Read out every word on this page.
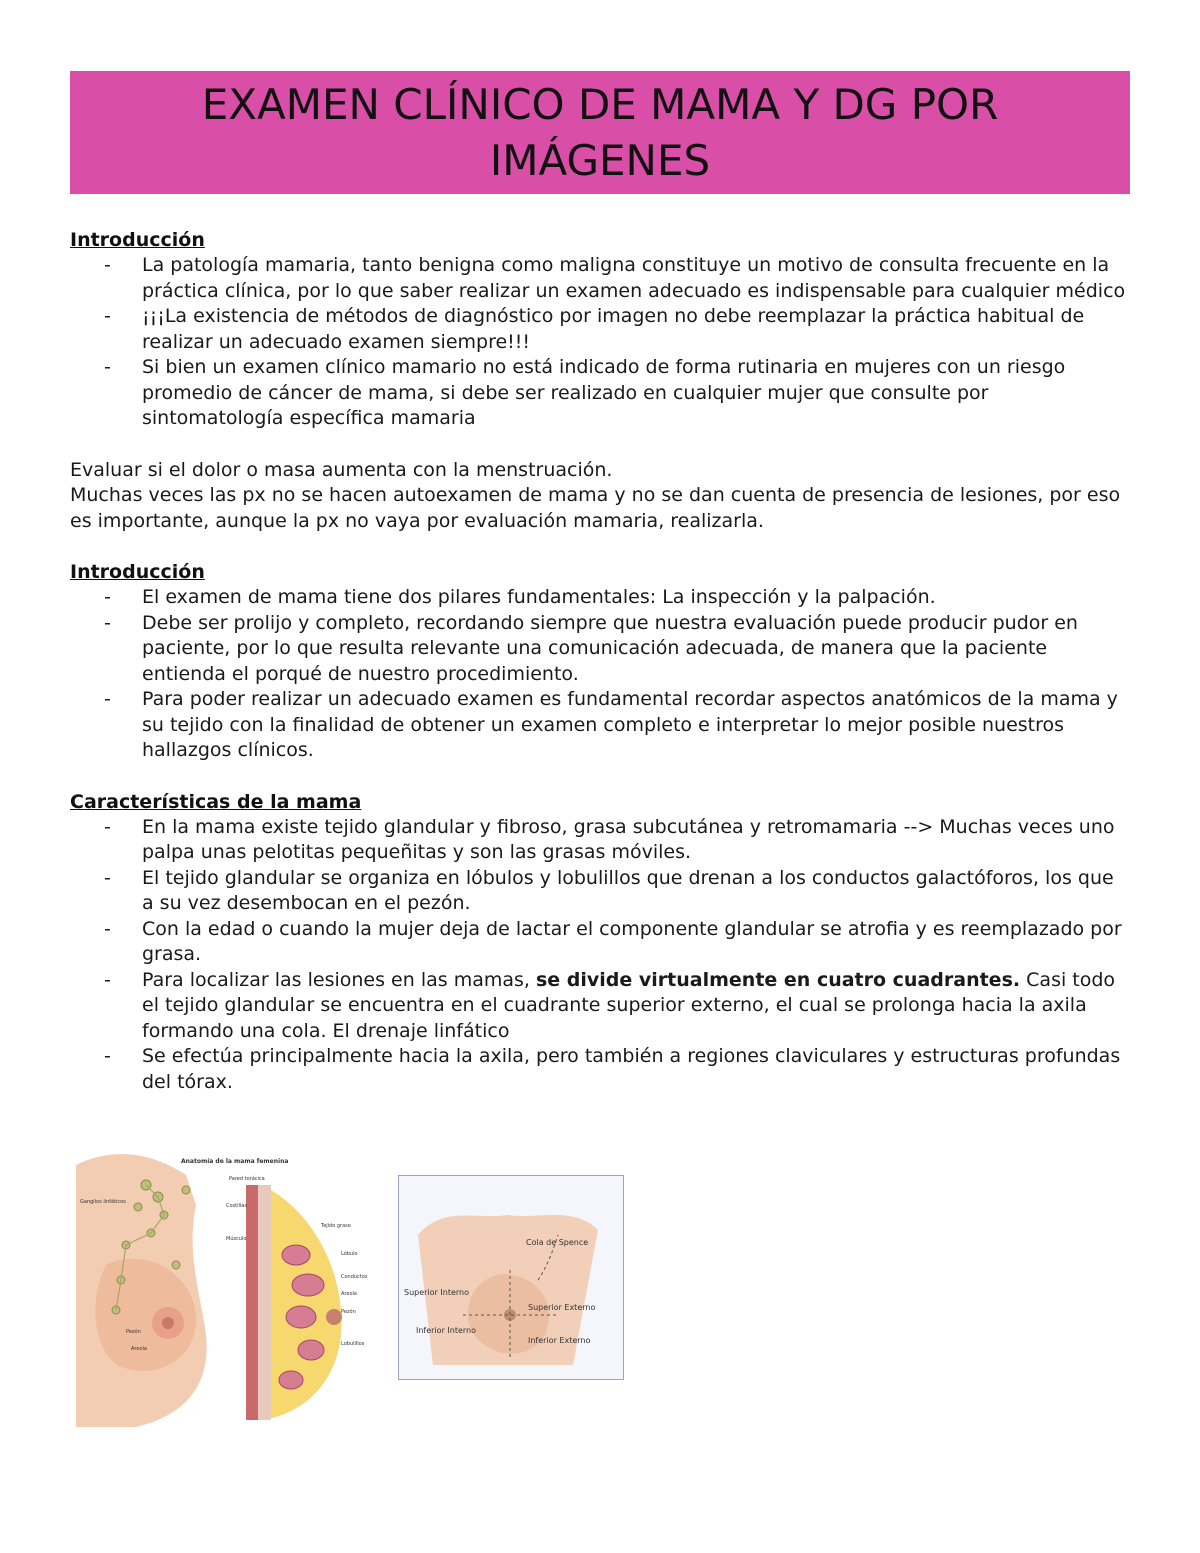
EXAMEN CLÍNICO DE MAMA Y DG POR IMÁGENES
Introducción
- La patología mamaria, tanto benigna como maligna constituye un motivo de consulta frecuente en la práctica clínica, por lo que saber realizar un examen adecuado es indispensable para cualquier médico
- ¡¡¡La existencia de métodos de diagnóstico por imagen no debe reemplazar la práctica habitual de realizar un adecuado examen siempre!!!
- Si bien un examen clínico mamario no está indicado de forma rutinaria en mujeres con un riesgo promedio de cáncer de mama, si debe ser realizado en cualquier mujer que consulte por sintomatología específica mamaria

Evaluar si el dolor o masa aumenta con la menstruación.

Muchas veces las px no se hacen autoexamen de mama y no se dan cuenta de presencia de lesiones, por eso es importante, aunque la px no vaya por evaluación mamaria, realizarla.

Introducción
- El examen de mama tiene dos pilares fundamentales: La inspección y la palpación.
- Debe ser prolijo y completo, recordando siempre que nuestra evaluación puede producir pudor en paciente, por lo que resulta relevante una comunicación adecuada, de manera que la paciente entienda el porqué de nuestro procedimiento.
- Para poder realizar un adecuado examen es fundamental recordar aspectos anatómicos de la mama y su tejido con la finalidad de obtener un examen completo e interpretar lo mejor posible nuestros hallazgos clínicos.
Características de la mama
- En la mama existe tejido glandular y fibroso, grasa subcutánea y retromamaria --> Muchas veces uno palpa unas pelotitas pequeñitas y son las grasas móviles.
- El tejido glandular se organiza en lóbulos y lobulillos que drenan a los conductos galactóforos, los que a su vez desembocan en el pezón.
- Con la edad o cuando la mujer deja de lactar el componente glandular se atrofia y es reemplazado por grasa.
- Para localizar las lesiones en las mamas, se divide virtualmente en cuatro cuadrantes. Casi todo el tejido glandular se encuentra en el cuadrante superior externo, el cual se prolonga hacia la axila formando una cola. El drenaje linfático
- Se efectúa principalmente hacia la axila, pero también a regiones claviculares y estructuras profundas del tórax.
Anatomía de la mama femenina
Ganglios linfáticos
Pezón
Areola
Pared torácica
Costillas
Tejido graso
Músculo
Lóbulo
Conductos
Areola
Pezón
Lobulillos
Cola de Spence
Superior Interno
Superior Externo
Inferior Interno
Inferior Externo
